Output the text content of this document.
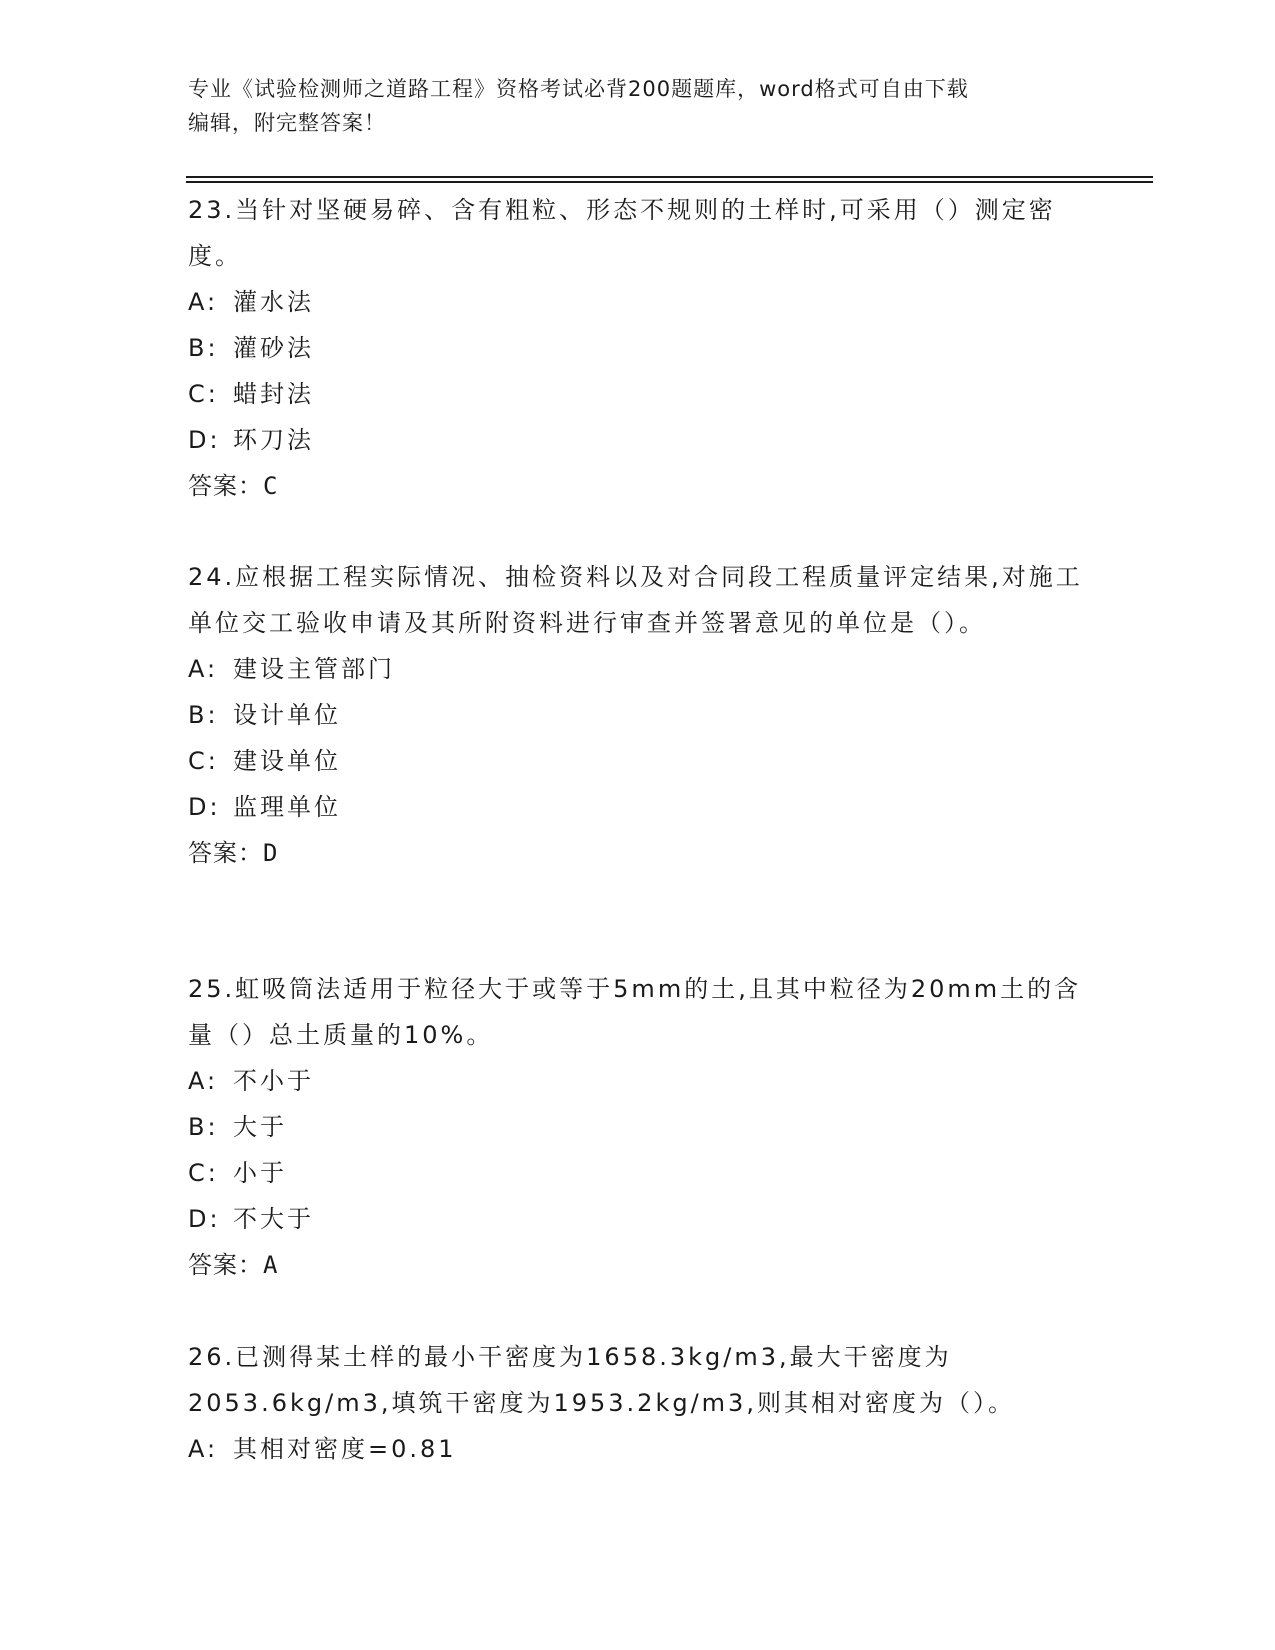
专业《试验检测师之道路工程》资格考试必背200题题库，word格式可自由下载
编辑，附完整答案！

23.当针对坚硬易碎、含有粗粒、形态不规则的土样时,可采用（）测定密度。

A: 灌水法
B: 灌砂法
C: 蜡封法
D: 环刀法
答案：C

24.应根据工程实际情况、抽检资料以及对合同段工程质量评定结果,对施工单位交工验收申请及其所附资料进行审查并签署意见的单位是（）。

A: 建设主管部门
B: 设计单位
C: 建设单位
D: 监理单位
答案：D

25.虹吸筒法适用于粒径大于或等于5mm的土,且其中粒径为20mm土的含量（）总土质量的10%。

A: 不小于
B: 大于
C: 小于
D: 不大于
答案：A

26.已测得某土样的最小干密度为1658.3kg/m3,最大干密度为2053.6kg/m3,填筑干密度为1953.2kg/m3,则其相对密度为（）。

A: 其相对密度=0.81
